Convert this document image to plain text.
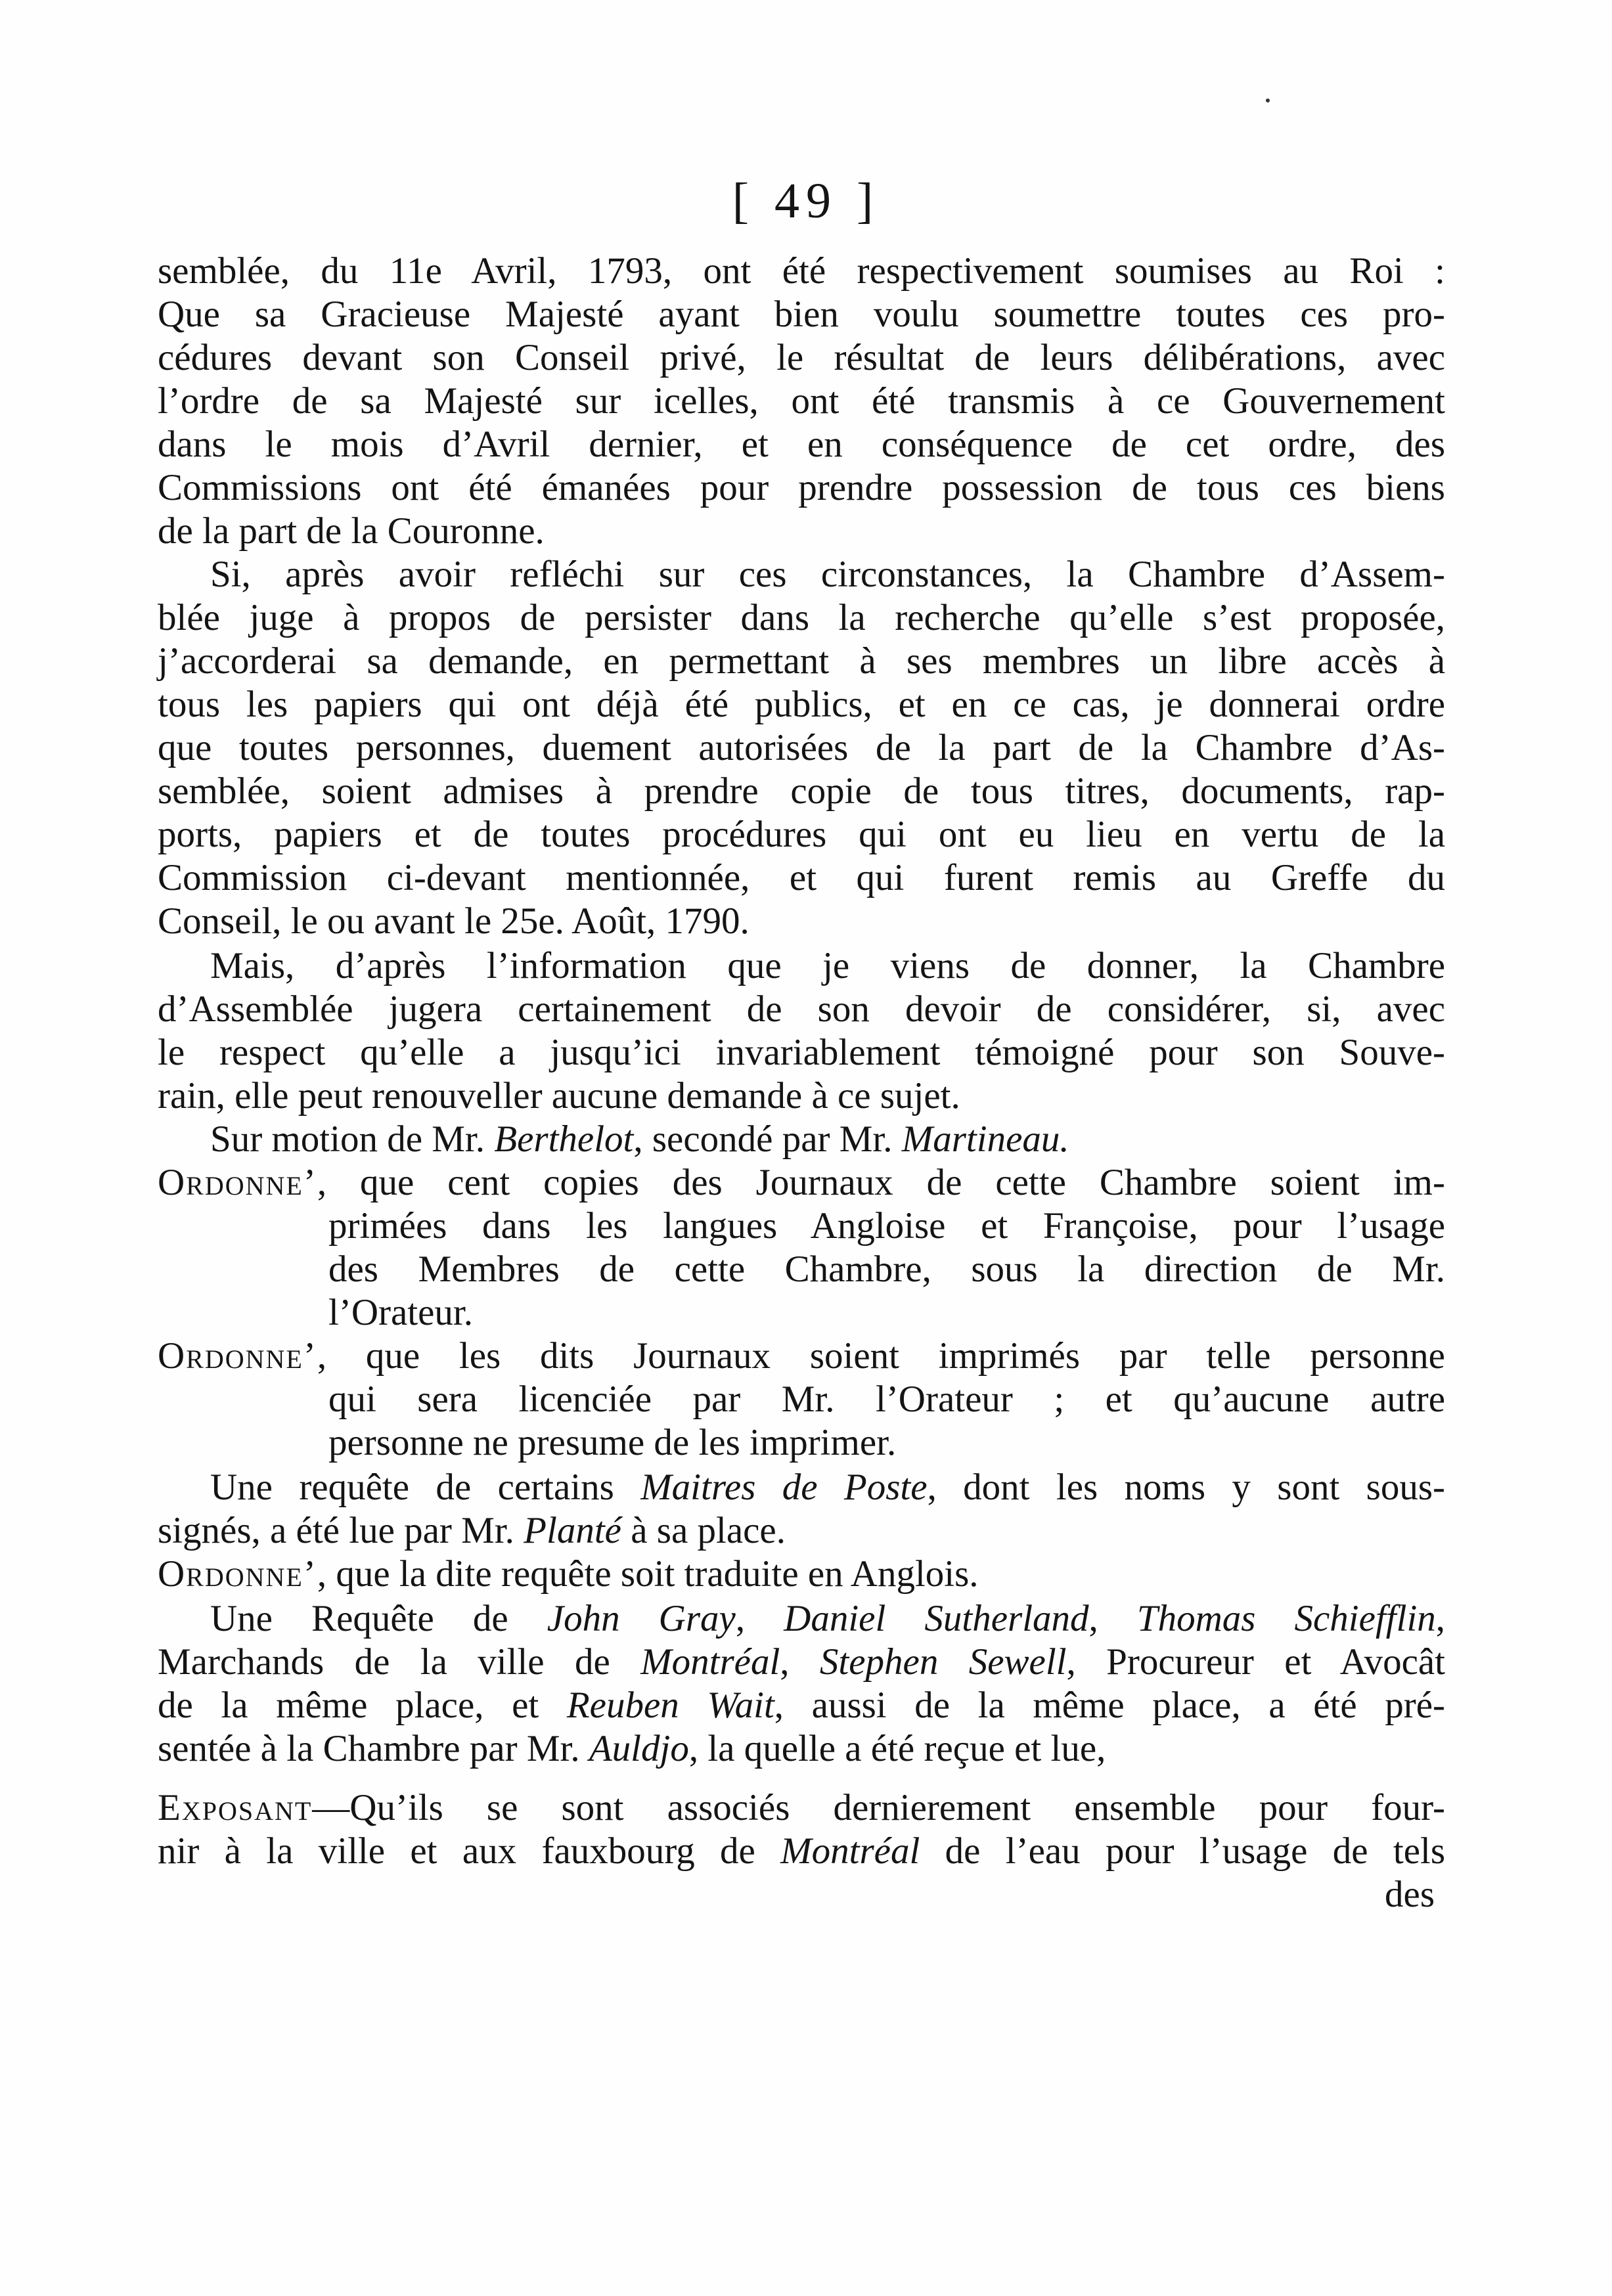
[ 49 ]
semblée, du 11e Avril, 1793, ont été respectivement soumises au Roi :
Que sa Gracieuse Majesté ayant bien voulu soumettre toutes ces pro-
cédures devant son Conseil privé, le résultat de leurs délibérations, avec
l’ordre de sa Majesté sur icelles, ont été transmis à ce Gouvernement
dans le mois d’Avril dernier, et en conséquence de cet ordre, des
Commissions ont été émanées pour prendre possession de tous ces biens
de la part de la Couronne.
Si, après avoir refléchi sur ces circonstances, la Chambre d’Assem-
blée juge à propos de persister dans la recherche qu’elle s’est proposée,
j’accorderai sa demande, en permettant à ses membres un libre accès à
tous les papiers qui ont déjà été publics, et en ce cas, je donnerai ordre
que toutes personnes, duement autorisées de la part de la Chambre d’As-
semblée, soient admises à prendre copie de tous titres, documents, rap-
ports, papiers et de toutes procédures qui ont eu lieu en vertu de la
Commission ci-devant mentionnée, et qui furent remis au Greffe du
Conseil, le ou avant le 25e. Août, 1790.
Mais, d’après l’information que je viens de donner, la Chambre
d’Assemblée jugera certainement de son devoir de considérer, si, avec
le respect qu’elle a jusqu’ici invariablement témoigné pour son Souve-
rain, elle peut renouveller aucune demande à ce sujet.
Sur motion de Mr. Berthelot, secondé par Mr. Martineau.
Ordonne’, que cent copies des Journaux de cette Chambre soient im-
primées dans les langues Angloise et Françoise, pour l’usage
des Membres de cette Chambre, sous la direction de Mr.
l’Orateur.
Ordonne’, que les dits Journaux soient imprimés par telle personne
qui sera licenciée par Mr. l’Orateur ; et qu’aucune autre
personne ne presume de les imprimer.
Une requête de certains Maitres de Poste, dont les noms y sont sous-
signés, a été lue par Mr. Planté à sa place.
Ordonne’, que la dite requête soit traduite en Anglois.
Une Requête de John Gray, Daniel Sutherland, Thomas Schiefflin,
Marchands de la ville de Montréal, Stephen Sewell, Procureur et Avocât
de la même place, et Reuben Wait, aussi de la même place, a été pré-
sentée à la Chambre par Mr. Auldjo, la quelle a été reçue et lue,
Exposant—Qu’ils se sont associés dernierement ensemble pour four-
nir à la ville et aux fauxbourg de Montréal de l’eau pour l’usage de tels
des
